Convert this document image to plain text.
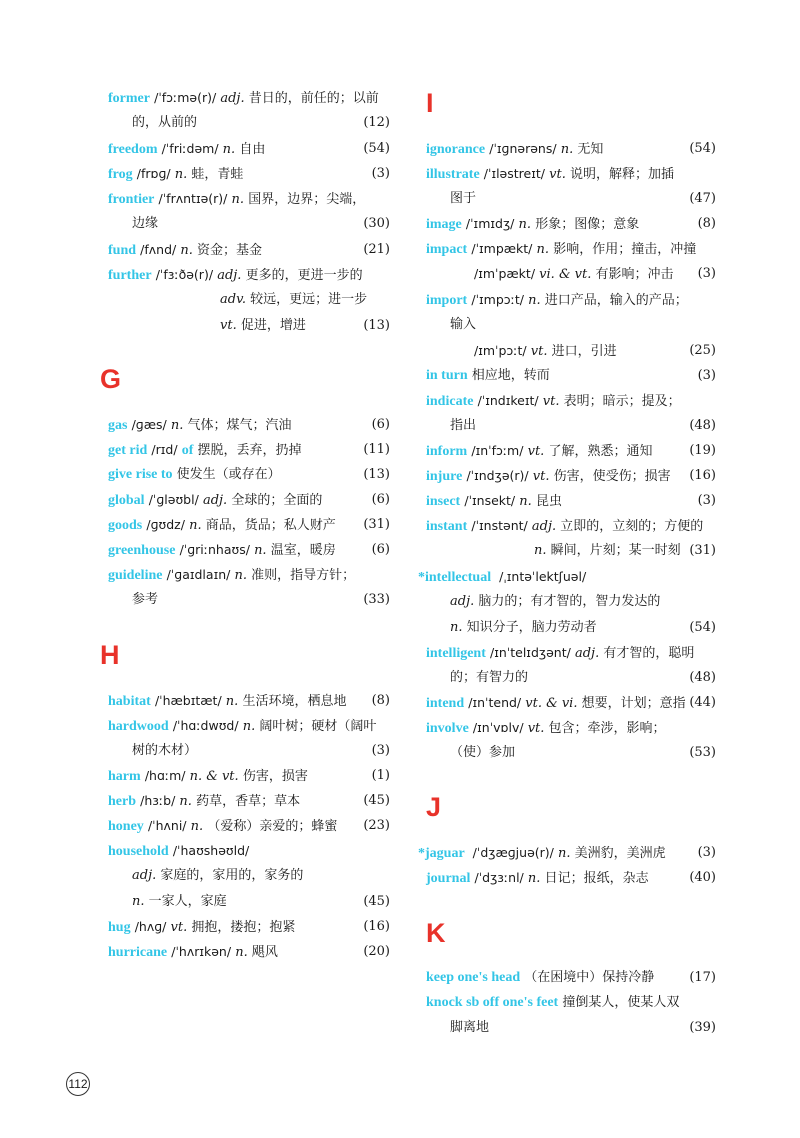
former /ˈfɔːmə(r)/ adj. 昔日的，前任的；以前
的，从前的	(12)
freedom /ˈfriːdəm/ n. 自由	(54)
frog /frɒɡ/ n. 蛙，青蛙	(3)
frontier /ˈfrʌntɪə(r)/ n. 国界，边界；尖端，
边缘	(30)
fund /fʌnd/ n. 资金；基金	(21)
further /ˈfɜːðə(r)/ adj. 更多的，更进一步的
adv. 较远，更远；进一步
vt. 促进，增进	(13)
G
gas /ɡæs/ n. 气体；煤气；汽油	(6)
get rid /rɪd/ of 摆脱，丢弃，扔掉	(11)
give rise to 使发生（或存在）	(13)
global /ˈɡləʊbl/ adj. 全球的；全面的	(6)
goods /ɡʊdz/ n. 商品，货品；私人财产 (31)
greenhouse /ˈɡriːnhaʊs/ n. 温室，暖房	(6)
guideline /ˈɡaɪdlaɪn/ n. 准则，指导方针；
参考	(33)
H
habitat /ˈhæbɪtæt/ n. 生活环境，栖息地 (8)
hardwood /ˈhɑːdwʊd/ n. 阔叶树；硬材（阔叶
树的木材）	(3)
harm /hɑːm/ n. & vt. 伤害，损害	(1)
herb /hɜːb/ n. 药草，香草；草本	(45)
honey /ˈhʌni/ n. （爱称）亲爱的；蜂蜜 (23)
household /ˈhaʊshəʊld/
adj. 家庭的，家用的，家务的
n. 一家人，家庭	(45)
hug /hʌɡ/ vt. 拥抱，搂抱；抱紧	(16)
hurricane /ˈhʌrɪkən/ n. 飓风	(20)
I
ignorance /ˈɪɡnərəns/ n. 无知	(54)
illustrate /ˈɪləstreɪt/ vt. 说明，解释；加插
图于	(47)
image /ˈɪmɪdʒ/ n. 形象；图像；意象	(8)
impact /ˈɪmpækt/ n. 影响，作用；撞击，冲撞
/ɪmˈpækt/ vi. & vt. 有影响；冲击 (3)
import /ˈɪmpɔːt/ n. 进口产品，输入的产品；
输入
/ɪmˈpɔːt/ vt. 进口，引进	(25)
in turn 相应地，转而	(3)
indicate /ˈɪndɪkeɪt/ vt. 表明；暗示；提及；
指出	(48)
inform /ɪnˈfɔːm/ vt. 了解，熟悉；通知	(19)
injure /ˈɪndʒə(r)/ vt. 伤害，使受伤；损害 (16)
insect /ˈɪnsekt/ n. 昆虫	(3)
instant /ˈɪnstənt/ adj. 立即的，立刻的；方便的
n. 瞬间，片刻；某一时刻 (31)
*intellectual /ˌɪntəˈlektʃuəl/
adj. 脑力的；有才智的，智力发达的
n. 知识分子，脑力劳动者	(54)
intelligent /ɪnˈtelɪdʒənt/ adj. 有才智的，聪明
的；有智力的	(48)
intend /ɪnˈtend/ vt. & vi. 想要，计划；意指 (44)
involve /ɪnˈvɒlv/ vt. 包含；牵涉，影响；
（使）参加	(53)
J
*jaguar /ˈdʒæɡjuə(r)/ n. 美洲豹，美洲虎 (3)
journal /ˈdʒɜːnl/ n. 日记；报纸，杂志	(40)
K
keep one's head （在困境中）保持冷静	(17)
knock sb off one's feet 撞倒某人，使某人双
脚离地	(39)
112
